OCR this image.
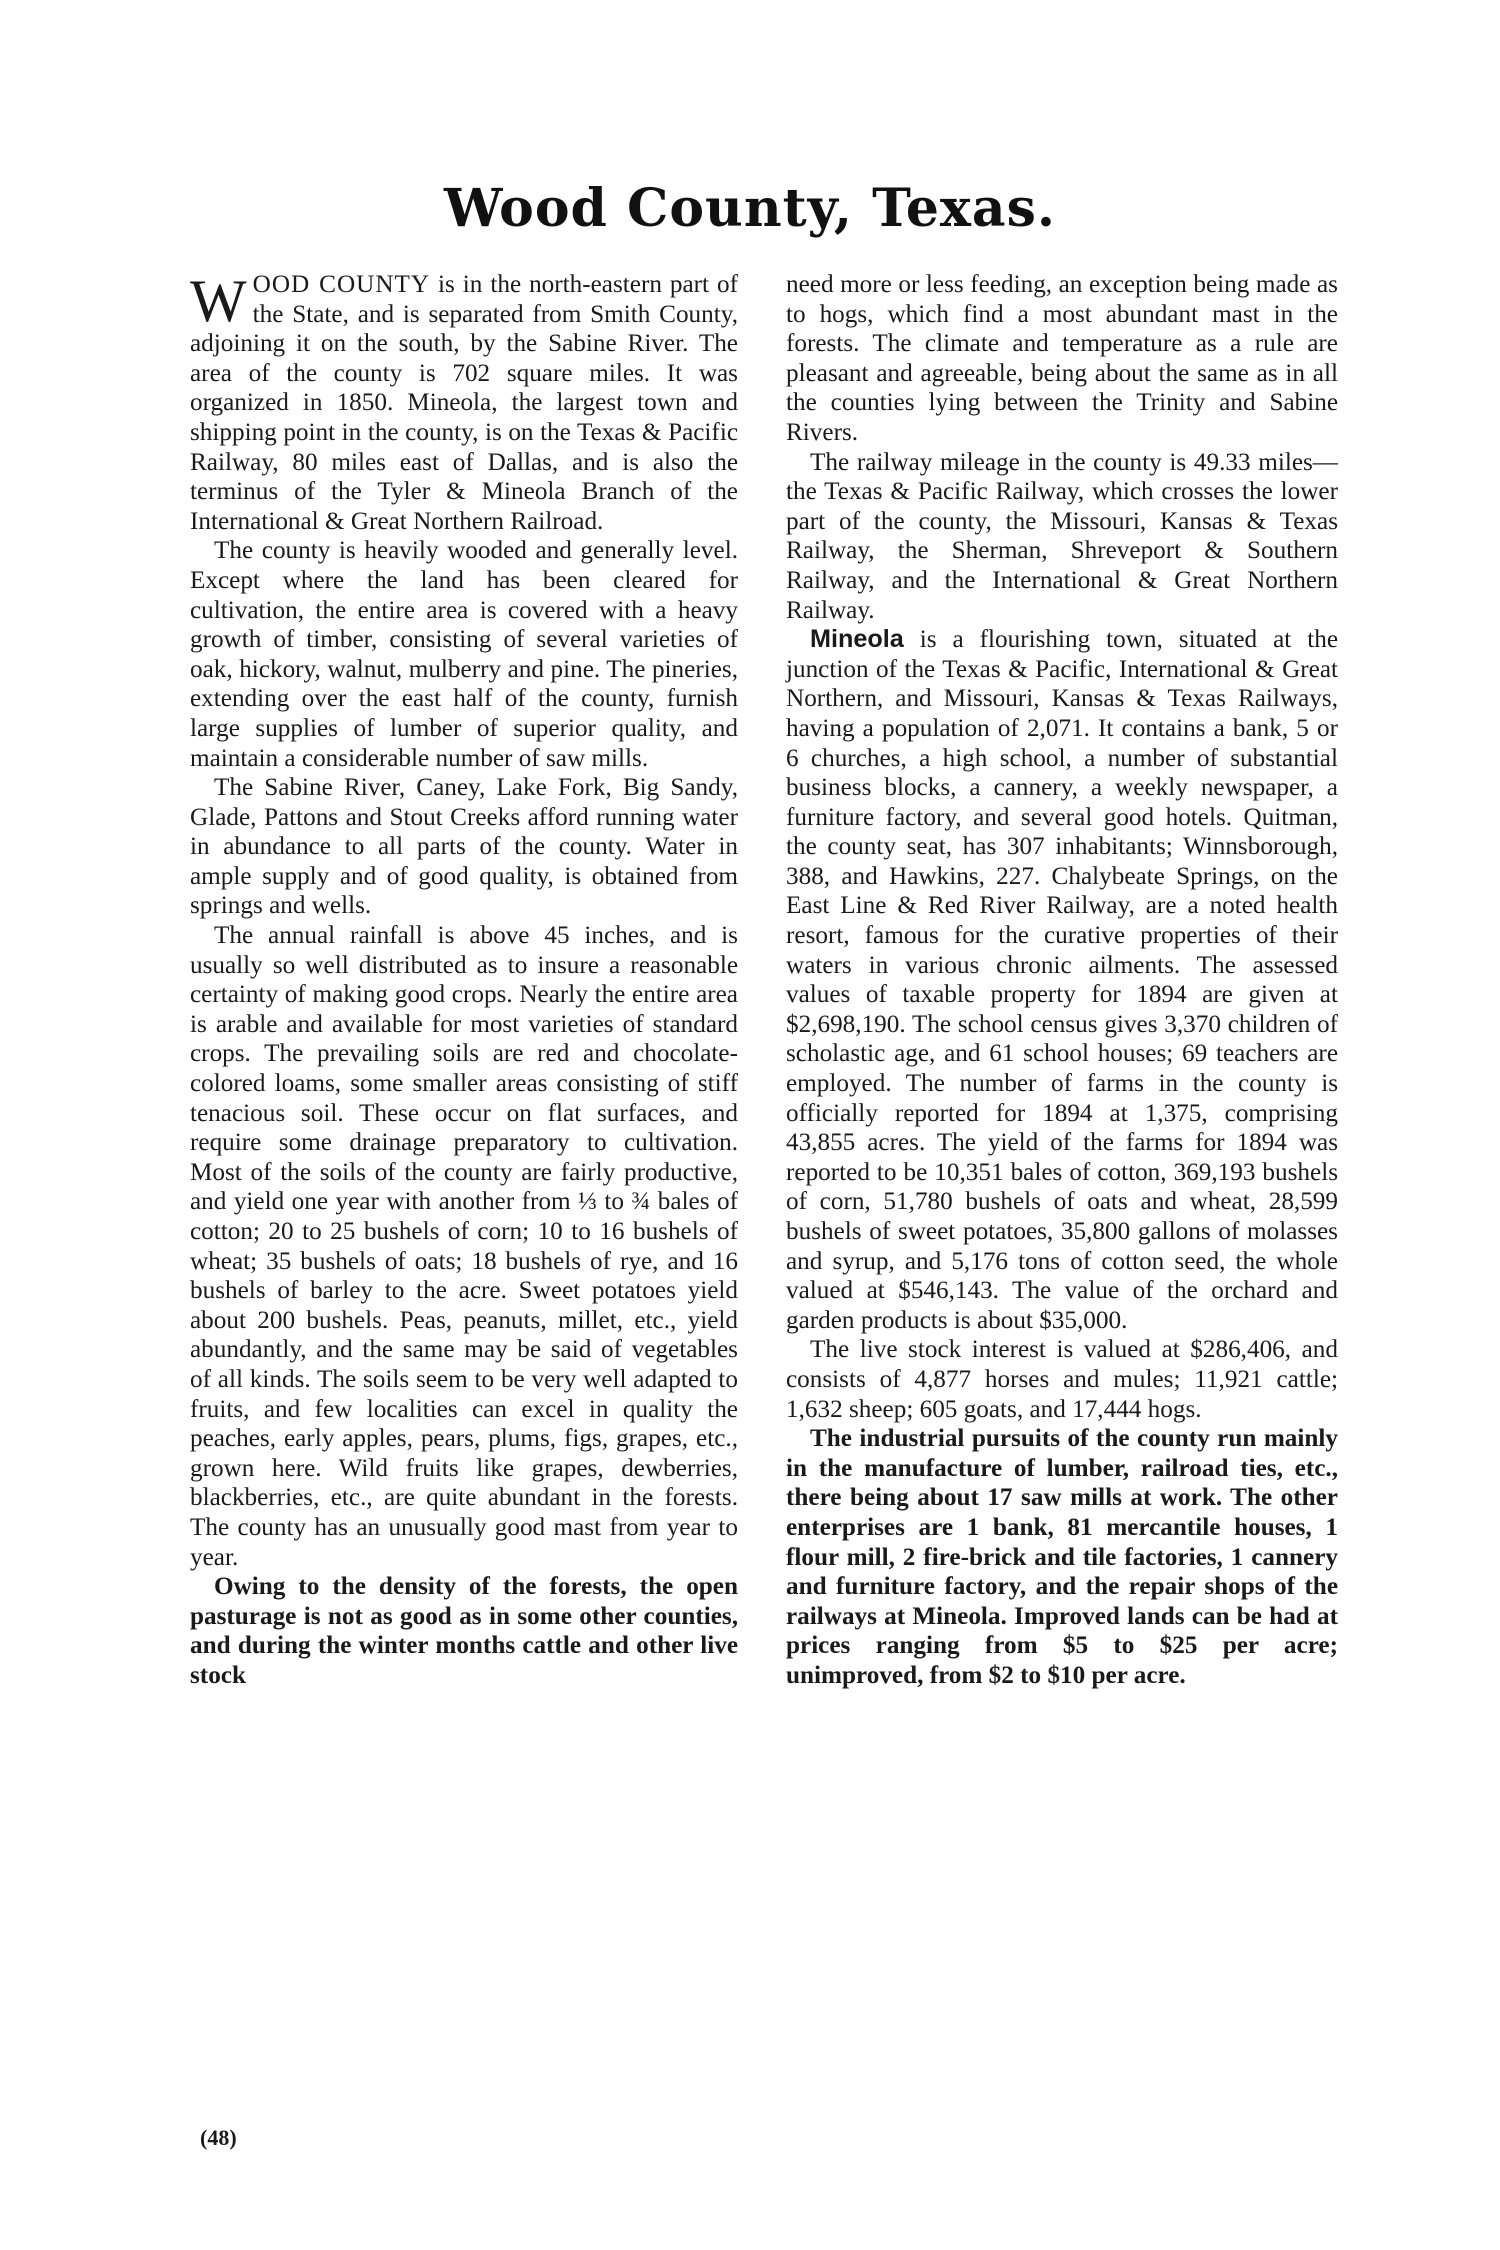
Wood County, Texas.

WOOD COUNTY is in the north-eastern part of the State, and is separated from Smith County, adjoining it on the south, by the Sabine River. The area of the county is 702 square miles. It was organized in 1850. Mineola, the largest town and shipping point in the county, is on the Texas & Pacific Railway, 80 miles east of Dallas, and is also the terminus of the Tyler & Mineola Branch of the International & Great Northern Railroad.

The county is heavily wooded and generally level. Except where the land has been cleared for cultivation, the entire area is covered with a heavy growth of timber, consisting of several varieties of oak, hickory, walnut, mulberry and pine. The pineries, extending over the east half of the county, furnish large supplies of lumber of superior quality, and maintain a considerable number of saw mills.

The Sabine River, Caney, Lake Fork, Big Sandy, Glade, Pattons and Stout Creeks afford running water in abundance to all parts of the county. Water in ample supply and of good quality, is obtained from springs and wells.

The annual rainfall is above 45 inches, and is usually so well distributed as to insure a reasonable certainty of making good crops. Nearly the entire area is arable and available for most varieties of standard crops. The prevailing soils are red and chocolate-colored loams, some smaller areas consisting of stiff tenacious soil. These occur on flat surfaces, and require some drainage preparatory to cultivation. Most of the soils of the county are fairly productive, and yield one year with another from ⅓ to ¾ bales of cotton; 20 to 25 bushels of corn; 10 to 16 bushels of wheat; 35 bushels of oats; 18 bushels of rye, and 16 bushels of barley to the acre. Sweet potatoes yield about 200 bushels. Peas, peanuts, millet, etc., yield abundantly, and the same may be said of vegetables of all kinds. The soils seem to be very well adapted to fruits, and few localities can excel in quality the peaches, early apples, pears, plums, figs, grapes, etc., grown here. Wild fruits like grapes, dewberries, blackberries, etc., are quite abundant in the forests. The county has an unusually good mast from year to year.

Owing to the density of the forests, the open pasturage is not as good as in some other counties, and during the winter months cattle and other live stock

need more or less feeding, an exception being made as to hogs, which find a most abundant mast in the forests. The climate and temperature as a rule are pleasant and agreeable, being about the same as in all the counties lying between the Trinity and Sabine Rivers.

The railway mileage in the county is 49.33 miles—the Texas & Pacific Railway, which crosses the lower part of the county, the Missouri, Kansas & Texas Railway, the Sherman, Shreveport & Southern Railway, and the International & Great Northern Railway.

Mineola is a flourishing town, situated at the junction of the Texas & Pacific, International & Great Northern, and Missouri, Kansas & Texas Railways, having a population of 2,071. It contains a bank, 5 or 6 churches, a high school, a number of substantial business blocks, a cannery, a weekly newspaper, a furniture factory, and several good hotels. Quitman, the county seat, has 307 inhabitants; Winnsborough, 388, and Hawkins, 227. Chalybeate Springs, on the East Line & Red River Railway, are a noted health resort, famous for the curative properties of their waters in various chronic ailments. The assessed values of taxable property for 1894 are given at $2,698,190. The school census gives 3,370 children of scholastic age, and 61 school houses; 69 teachers are employed. The number of farms in the county is officially reported for 1894 at 1,375, comprising 43,855 acres. The yield of the farms for 1894 was reported to be 10,351 bales of cotton, 369,193 bushels of corn, 51,780 bushels of oats and wheat, 28,599 bushels of sweet potatoes, 35,800 gallons of molasses and syrup, and 5,176 tons of cotton seed, the whole valued at $546,143. The value of the orchard and garden products is about $35,000.

The live stock interest is valued at $286,406, and consists of 4,877 horses and mules; 11,921 cattle; 1,632 sheep; 605 goats, and 17,444 hogs.

The industrial pursuits of the county run mainly in the manufacture of lumber, railroad ties, etc., there being about 17 saw mills at work. The other enterprises are 1 bank, 81 mercantile houses, 1 flour mill, 2 fire-brick and tile factories, 1 cannery and furniture factory, and the repair shops of the railways at Mineola. Improved lands can be had at prices ranging from $5 to $25 per acre; unimproved, from $2 to $10 per acre.

(48)
